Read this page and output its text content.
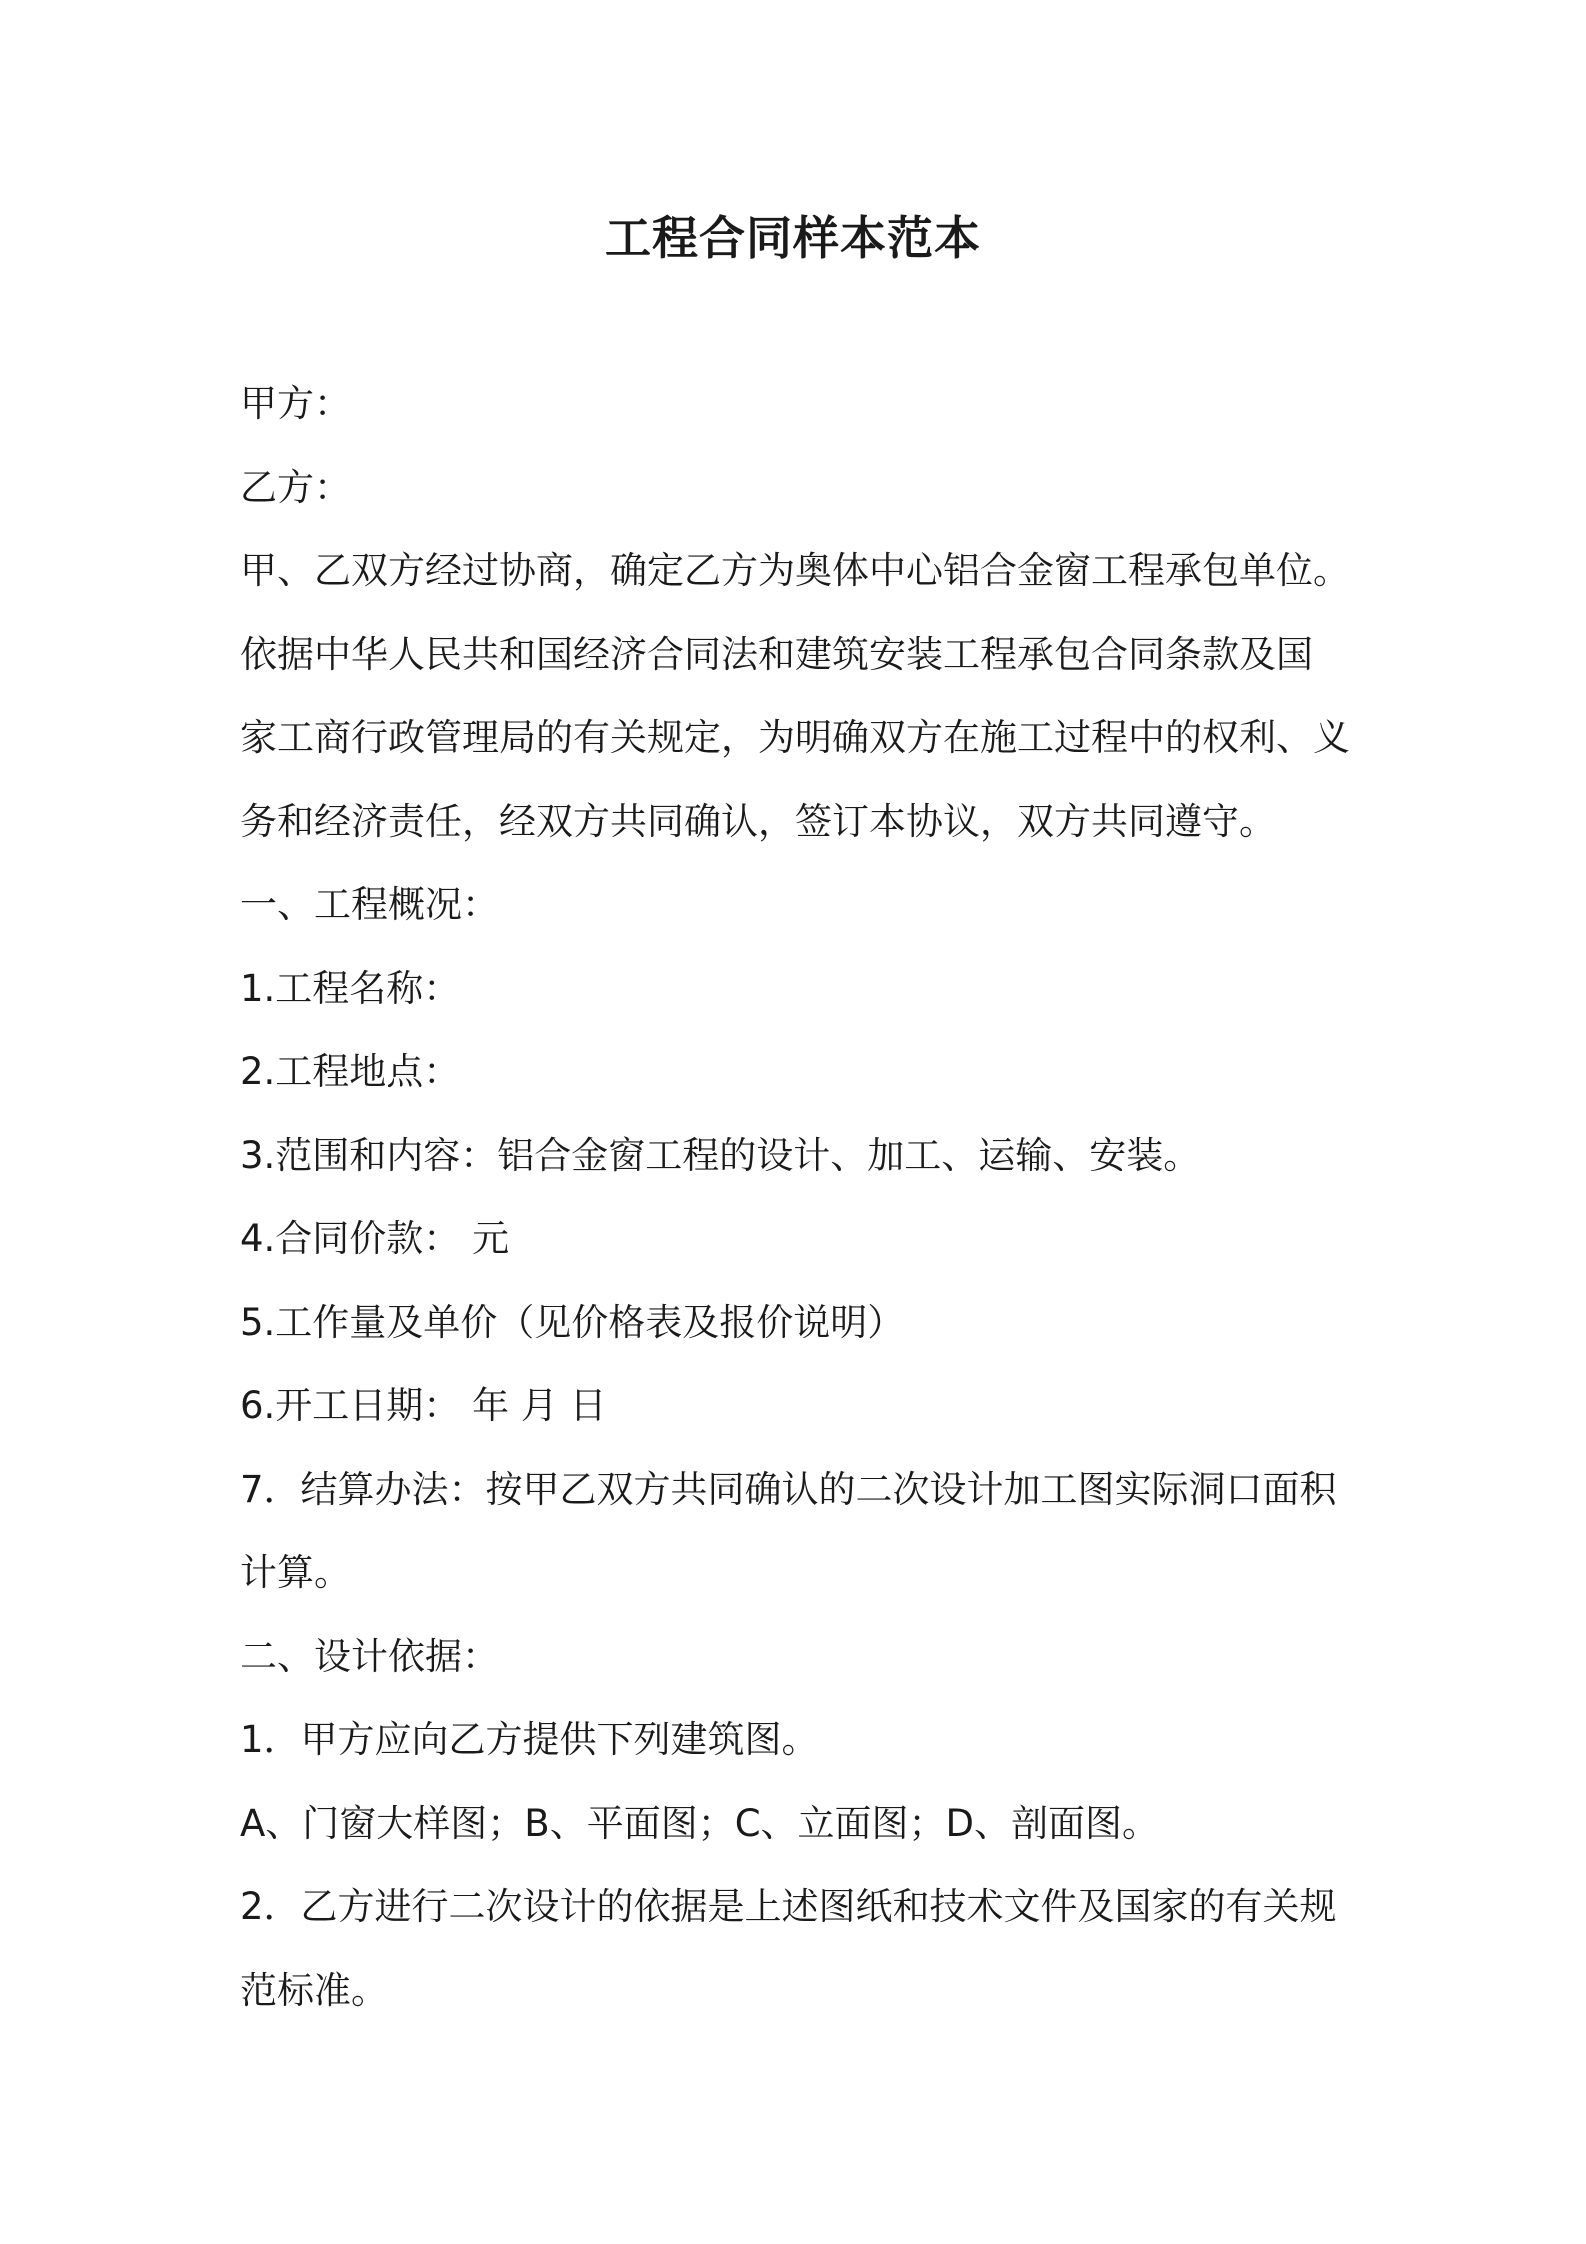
工程合同样本范本
甲方：
乙方：
甲、乙双方经过协商，确定乙方为奥体中心铝合金窗工程承包单位。
依据中华人民共和国经济合同法和建筑安装工程承包合同条款及国
家工商行政管理局的有关规定，为明确双方在施工过程中的权利、义
务和经济责任，经双方共同确认，签订本协议，双方共同遵守。
一、工程概况：
1.工程名称：
2.工程地点：
3.范围和内容：铝合金窗工程的设计、加工、运输、安装。
4.合同价款： 元
5.工作量及单价（见价格表及报价说明）
6.开工日期： 年 月 日
7．结算办法：按甲乙双方共同确认的二次设计加工图实际洞口面积
计算。
二、设计依据：
1．甲方应向乙方提供下列建筑图。
A、门窗大样图；B、平面图；C、立面图；D、剖面图。
2．乙方进行二次设计的依据是上述图纸和技术文件及国家的有关规
范标准。
